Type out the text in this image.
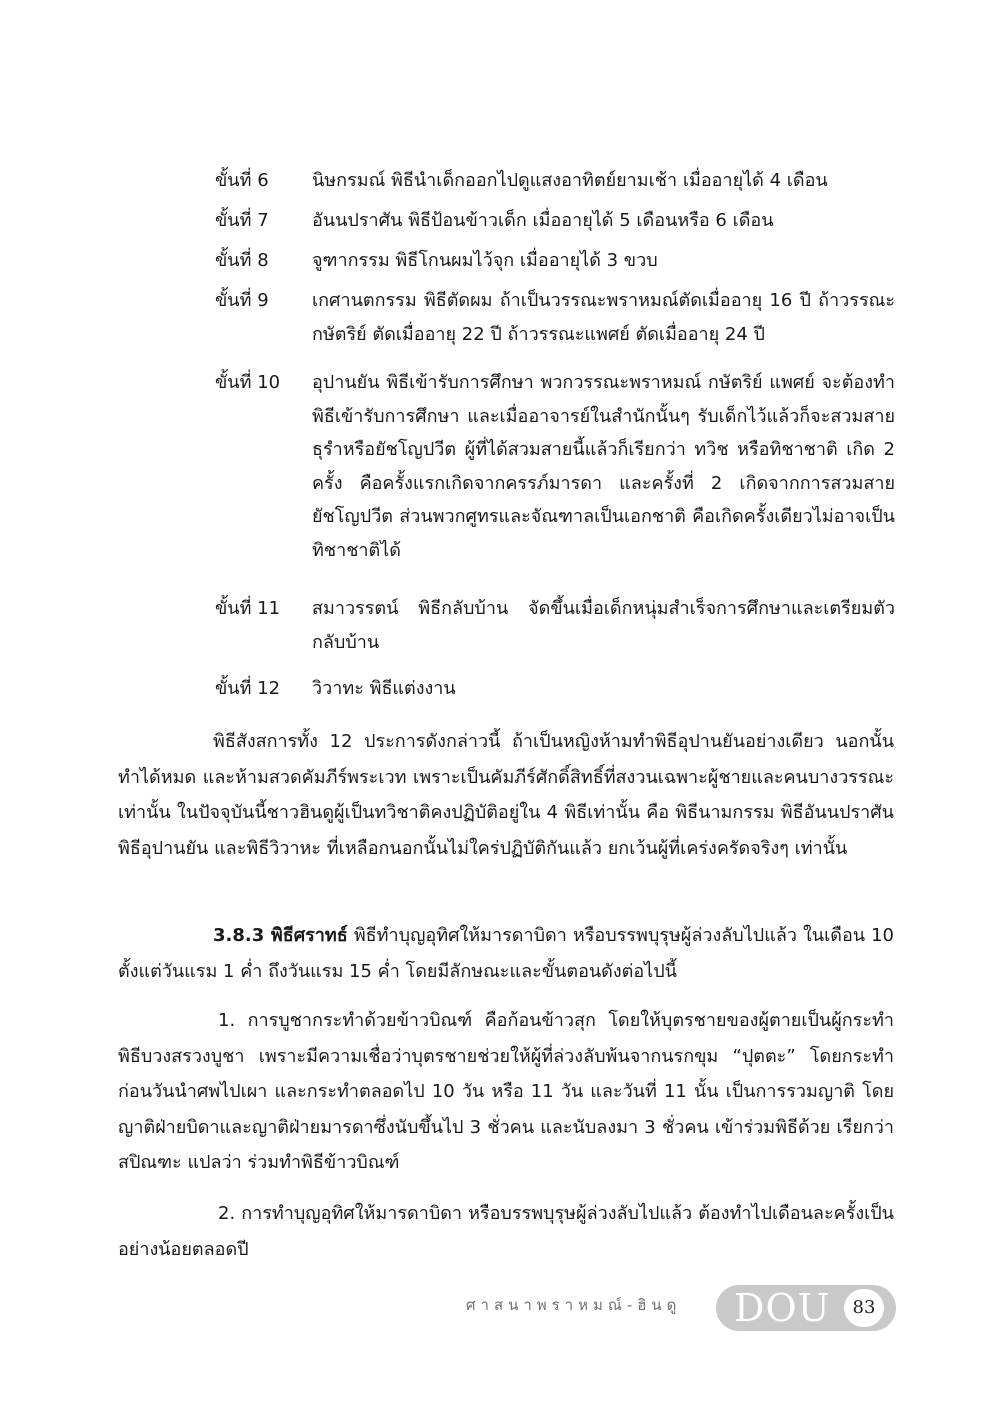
ขั้นที่ 6	นิษกรมณ์ พิธีนำเด็กออกไปดูแสงอาทิตย์ยามเช้า เมื่ออายุได้ 4 เดือน
ขั้นที่ 7	อันนปราศัน พิธีป้อนข้าวเด็ก เมื่ออายุได้ 5 เดือนหรือ 6 เดือน
ขั้นที่ 8	จูฑากรรม พิธีโกนผมไว้จุก เมื่ออายุได้ 3 ขวบ
ขั้นที่ 9	เกศานตกรรม พิธีตัดผม ถ้าเป็นวรรณะพราหมณ์ตัดเมื่ออายุ 16 ปี ถ้าวรรณะกษัตริย์ ตัดเมื่ออายุ 22 ปี ถ้าวรรณะแพศย์ ตัดเมื่ออายุ 24 ปี
ขั้นที่ 10	อุปานยัน พิธีเข้ารับการศึกษา พวกวรรณะพราหมณ์ กษัตริย์ แพศย์ จะต้องทำพิธีเข้ารับการศึกษา และเมื่ออาจารย์ในสำนักนั้นๆ รับเด็กไว้แล้วก็จะสวมสายธุรำหรือยัชโญปวีต ผู้ที่ได้สวมสายนี้แล้วก็เรียกว่า ทวิช หรือทิชาชาติ เกิด 2 ครั้ง คือครั้งแรกเกิดจากครรภ์มารดา และครั้งที่ 2 เกิดจากการสวมสายยัชโญปวีต ส่วนพวกศูทรและจัณฑาลเป็นเอกชาติ คือเกิดครั้งเดียวไม่อาจเป็นทิชาชาติได้
ขั้นที่ 11	สมาวรรตน์ พิธีกลับบ้าน จัดขึ้นเมื่อเด็กหนุ่มสำเร็จการศึกษาและเตรียมตัวกลับบ้าน
ขั้นที่ 12	วิวาทะ พิธีแต่งงาน
พิธีสังสการทั้ง 12 ประการดังกล่าวนี้ ถ้าเป็นหญิงห้ามทำพิธีอุปานยันอย่างเดียว นอกนั้นทำได้หมด และห้ามสวดคัมภีร์พระเวท เพราะเป็นคัมภีร์ศักดิ์สิทธิ์ที่สงวนเฉพาะผู้ชายและคนบางวรรณะเท่านั้น ในปัจจุบันนี้ชาวฮินดูผู้เป็นทวิชาติคงปฏิบัติอยู่ใน 4 พิธีเท่านั้น คือ พิธีนามกรรม พิธีอันนปราศัน พิธีอุปานยัน และพิธีวิวาหะ ที่เหลือกนอกนั้นไม่ใคร่ปฏิบัติกันแล้ว ยกเว้นผู้ที่เคร่งครัดจริงๆ เท่านั้น
3.8.3 พิธีศราทธ์ พิธีทำบุญอุทิศให้มารดาบิดา หรือบรรพบุรุษผู้ล่วงลับไปแล้ว ในเดือน 10 ตั้งแต่วันแรม 1 ค่ำ ถึงวันแรม 15 ค่ำ โดยมีลักษณะและขั้นตอนดังต่อไปนี้
1. การบูชากระทำด้วยข้าวบิณฑ์ คือก้อนข้าวสุก โดยให้บุตรชายของผู้ตายเป็นผู้กระทำพิธีบวงสรวงบูชา เพราะมีความเชื่อว่าบุตรชายช่วยให้ผู้ที่ล่วงลับพ้นจากนรกขุม “ปุตตะ” โดยกระทำก่อนวันนำศพไปเผา และกระทำตลอดไป 10 วัน หรือ 11 วัน และวันที่ 11 นั้น เป็นการรวมญาติ โดยญาติฝ่ายบิดาและญาติฝ่ายมารดาซึ่งนับขึ้นไป 3 ชั่วคน และนับลงมา 3 ชั่วคน เข้าร่วมพิธีด้วย เรียกว่า สปิณฑะ แปลว่า ร่วมทำพิธีข้าวบิณฑ์
2. การทำบุญอุทิศให้มารดาบิดา หรือบรรพบุรุษผู้ล่วงลับไปแล้ว ต้องทำไปเดือนละครั้งเป็นอย่างน้อยตลอดปี
ศาสนาพราหมณ์-ฮินดู DOU	83
